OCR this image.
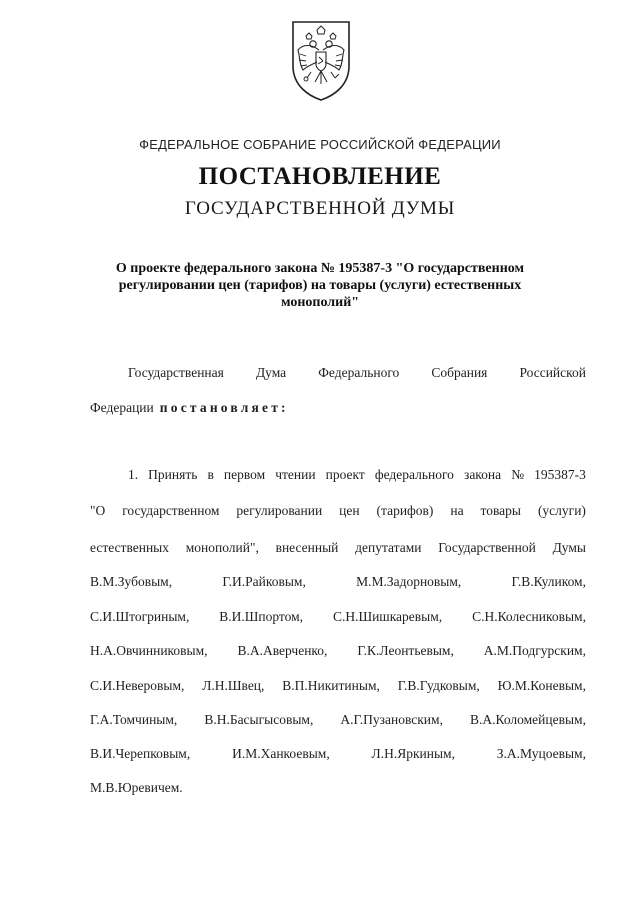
ФЕДЕРАЛЬНОЕ СОБРАНИЕ РОССИЙСКОЙ ФЕДЕРАЦИИ
ПОСТАНОВЛЕНИЕ
ГОСУДАРСТВЕННОЙ ДУМЫ
О проекте федерального закона № 195387-3 "О государственном
регулировании цен (тарифов) на товары (услуги) естественных
монополий"
Государственная Дума Федерального Собрания Российской
Федерации постановляет:
1. Принять в первом чтении проект федерального закона № 195387-3
"О государственном регулировании цен (тарифов) на товары (услуги)
естественных монополий", внесенный депутатами Государственной Думы
В.М.Зубовым,	Г.И.Райковым,	М.М.Задорновым,	Г.В.Куликом,
С.И.Штогриным, В.И.Шпортом, С.Н.Шишкаревым, С.Н.Колесниковым,
Н.А.Овчинниковым, В.А.Аверченко, Г.К.Леонтьевым, А.М.Подгурским,
С.И.Неверовым, Л.Н.Швец, В.П.Никитиным, Г.В.Гудковым, Ю.М.Коневым,
Г.А.Томчиным, В.Н.Басыгысовым, А.Г.Пузановским, В.А.Коломейцевым,
В.И.Черепковым,	И.М.Ханкоевым,	Л.Н.Яркиным,	З.А.Муцоевым,
М.В.Юревичем.
